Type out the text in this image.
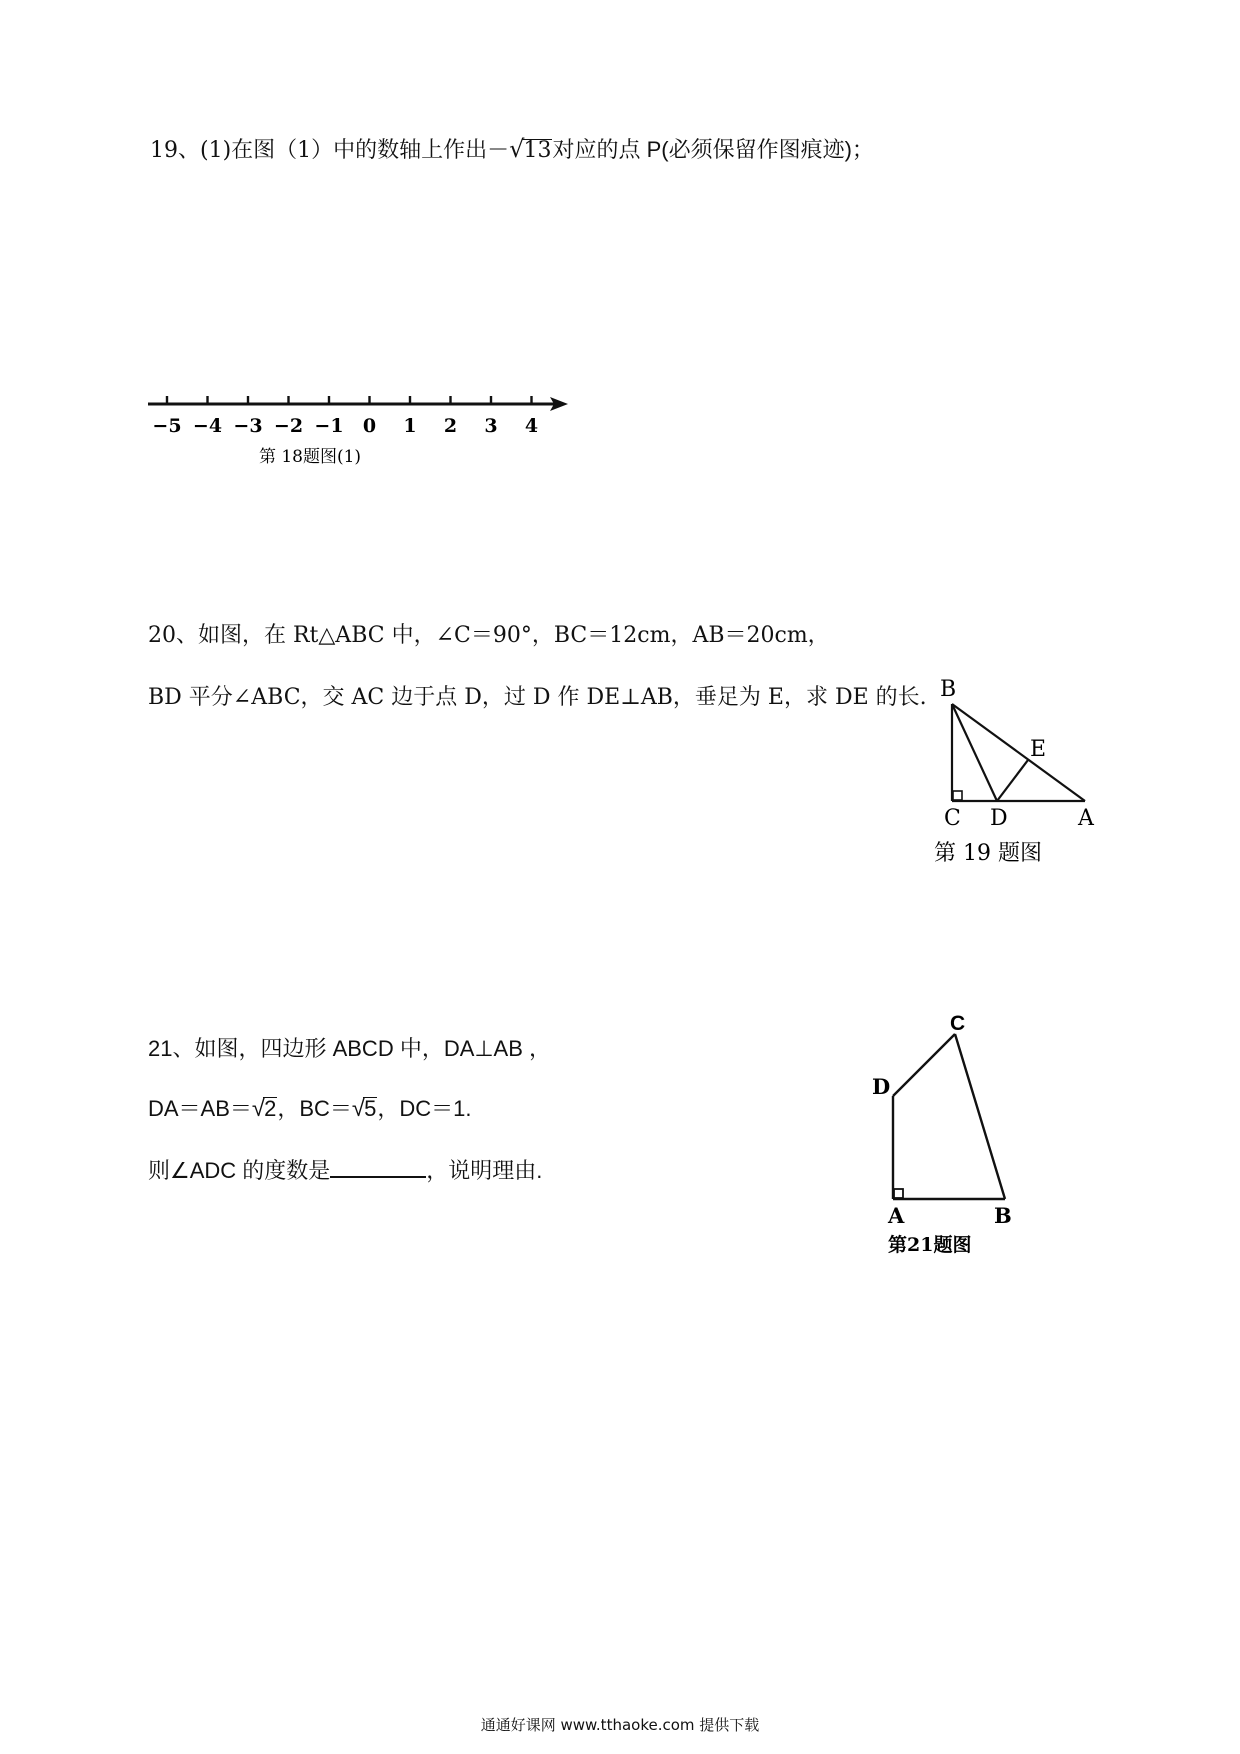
19、(1)在图（1）中的数轴上作出－√13对应的点 P(必须保留作图痕迹)；
−5 −4 −3 −2 −1 0 1 2 3 4
第 18题图(1)
20、如图，在 Rt△ABC 中，∠C＝90°，BC＝12cm，AB＝20cm，
BD 平分∠ABC，交 AC 边于点 D，过 D 作 DE⊥AB，垂足为 E，求 DE 的长. B
E
C D	A
第 19 题图
21、如图，四边形 ABCD 中，DA⊥AB ，
DA＝AB＝√2，BC＝√5，DC＝1.
则∠ADC 的度数是	，说明理由.
C
D
A	B
第21题图
通通好课网 www.tthaoke.com 提供下载
